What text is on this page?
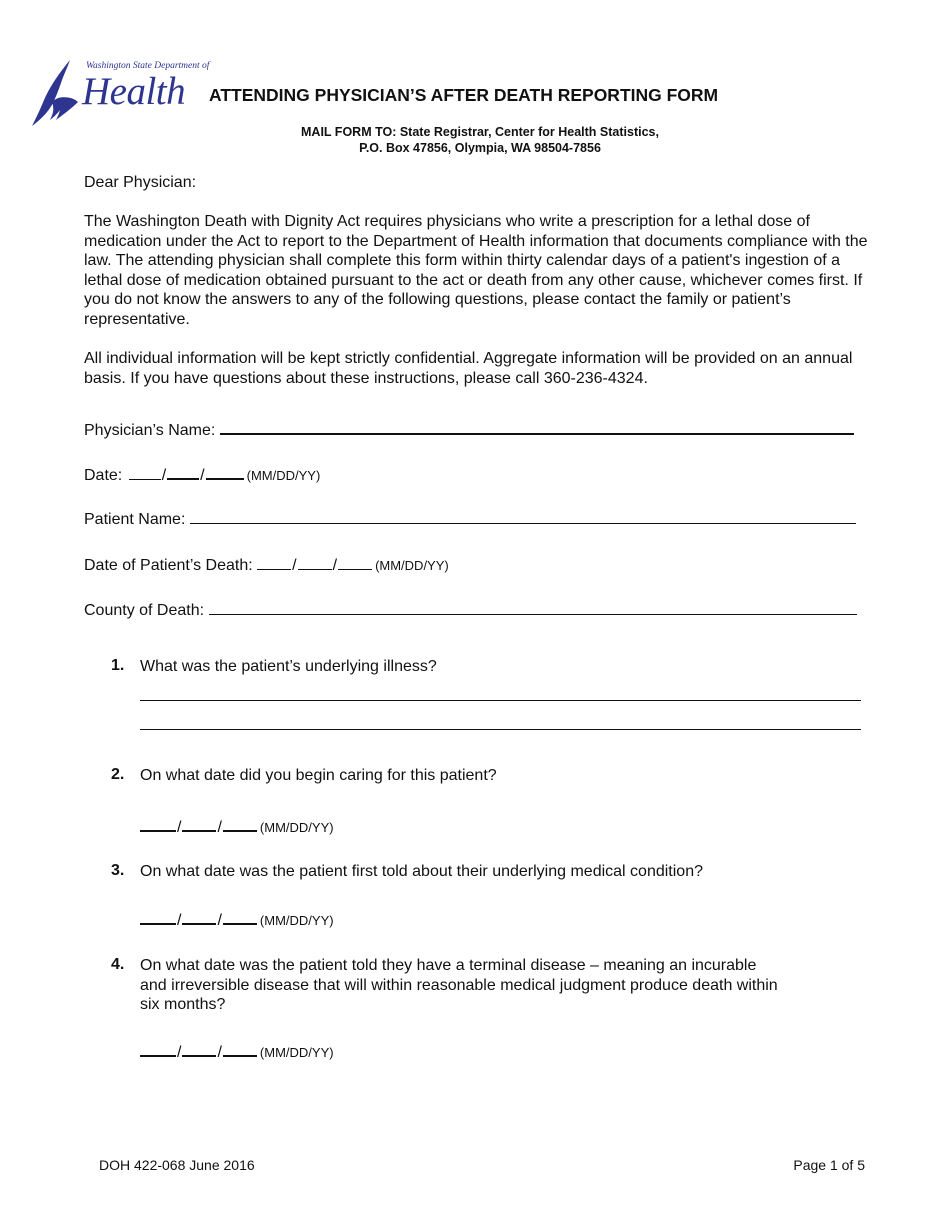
Washington State Department of
Health ATTENDING PHYSICIAN’S AFTER DEATH REPORTING FORM
MAIL FORM TO: State Registrar, Center for Health Statistics,
P.O. Box 47856, Olympia, WA 98504-7856
Dear Physician:
The Washington Death with Dignity Act requires physicians who write a prescription for a lethal dose of medication under the Act to report to the Department of Health information that documents compliance with the law. The attending physician shall complete this form within thirty calendar days of a patient's ingestion of a lethal dose of medication obtained pursuant to the act or death from any other cause, whichever comes first. If you do not know the answers to any of the following questions, please contact the family or patient’s representative.
All individual information will be kept strictly confidential. Aggregate information will be provided on an annual basis. If you have questions about these instructions, please call 360-236-4324.
Physician’s Name:
Date: / /	(MM/DD/YY)
Patient Name:
Date of Patient’s Death: / /	(MM/DD/YY)
County of Death:
1. What was the patient’s underlying illness?
2. On what date did you begin caring for this patient?
/ /	(MM/DD/YY)
3. On what date was the patient first told about their underlying medical condition?
/ /	(MM/DD/YY)
4. On what date was the patient told they have a terminal disease – meaning an incurable
and irreversible disease that will within reasonable medical judgment produce death within
six months?
/ /	(MM/DD/YY)
DOH 422-068 June 2016	Page 1 of 5
